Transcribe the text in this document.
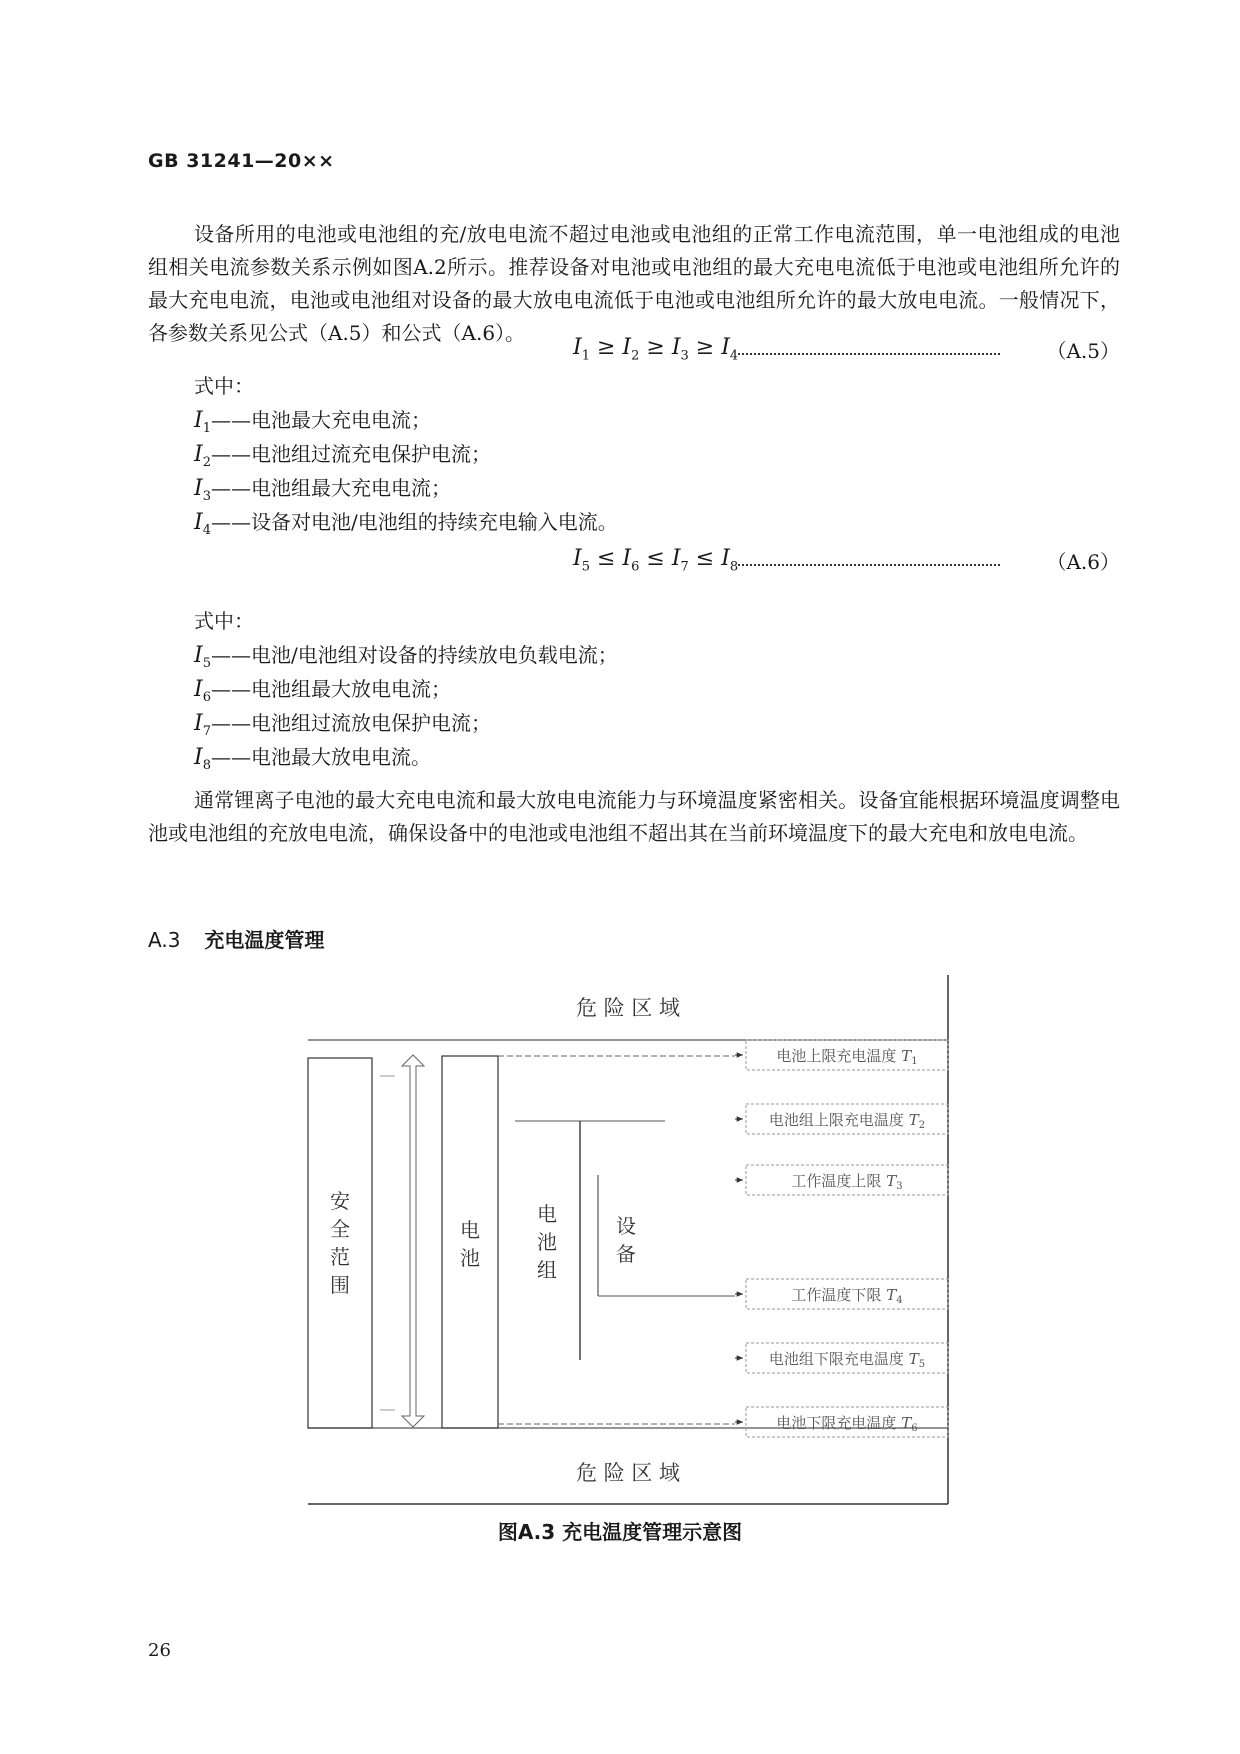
GB 31241—20××

设备所用的电池或电池组的充/放电电流不超过电池或电池组的正常工作电流范围，单一电池组成的电池组相关电流参数关系示例如图A.2所示。推荐设备对电池或电池组的最大充电电流低于电池或电池组所允许的最大充电电流，电池或电池组对设备的最大放电电流低于电池或电池组所允许的最大放电电流。一般情况下，各参数关系见公式（A.5）和公式（A.6）。

$I_1 \ge I_2 \ge I_3 \ge I_4$	（A.5）
式中：
$I_1——$电池最大充电电流；
$I_2——$电池组过流充电保护电流；
$I_3——$电池组最大充电电流；
$I_4——$设备对电池/电池组的持续充电输入电流。
$I_5 \le I_6 \le I_7 \le I_8$	（A.6）
式中：
$I_5——$电池/电池组对设备的持续放电负载电流；
$I_6——$电池组最大放电电流；
$I_7——$电池组过流放电保护电流；
$I_8——$电池最大放电电流。

通常锂离子电池的最大充电电流和最大放电电流能力与环境温度紧密相关。设备宜能根据环境温度调整电池或电池组的充放电电流，确保设备中的电池或电池组不超出其在当前环境温度下的最大充电和放电电流。

A.3 充电温度管理
危 险 区 域
危 险 区 域
安
全
范
围
电
池
电
池
组
设
备
电池上限充电温度 $T_1$
电池组上限充电温度 $T_2$
工作温度上限 $T_3$
工作温度下限 $T_4$
电池组下限充电温度 $T_5$
电池下限充电温度 $T_6$
图A.3 充电温度管理示意图
26
